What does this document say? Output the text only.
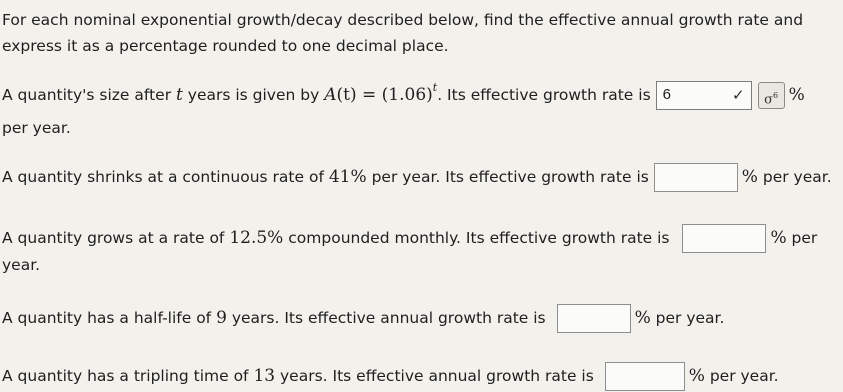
For each nominal exponential growth/decay described below, find the effective annual growth rate and
express it as a percentage rounded to one decimal place.
A quantity's size after t years is given by $A(t) = (1.06)^t$. Its effective growth rate is 6	✓ $\sigma^6$ %
per year.
A quantity shrinks at a continuous rate of 41% per year. Its effective growth rate is	% per year.
A quantity grows at a rate of 12.5% compounded monthly. Its effective growth rate is	% per
year.
A quantity has a half-life of 9 years. Its effective annual growth rate is	% per year.
A quantity has a tripling time of 13 years. Its effective annual growth rate is	% per year.
